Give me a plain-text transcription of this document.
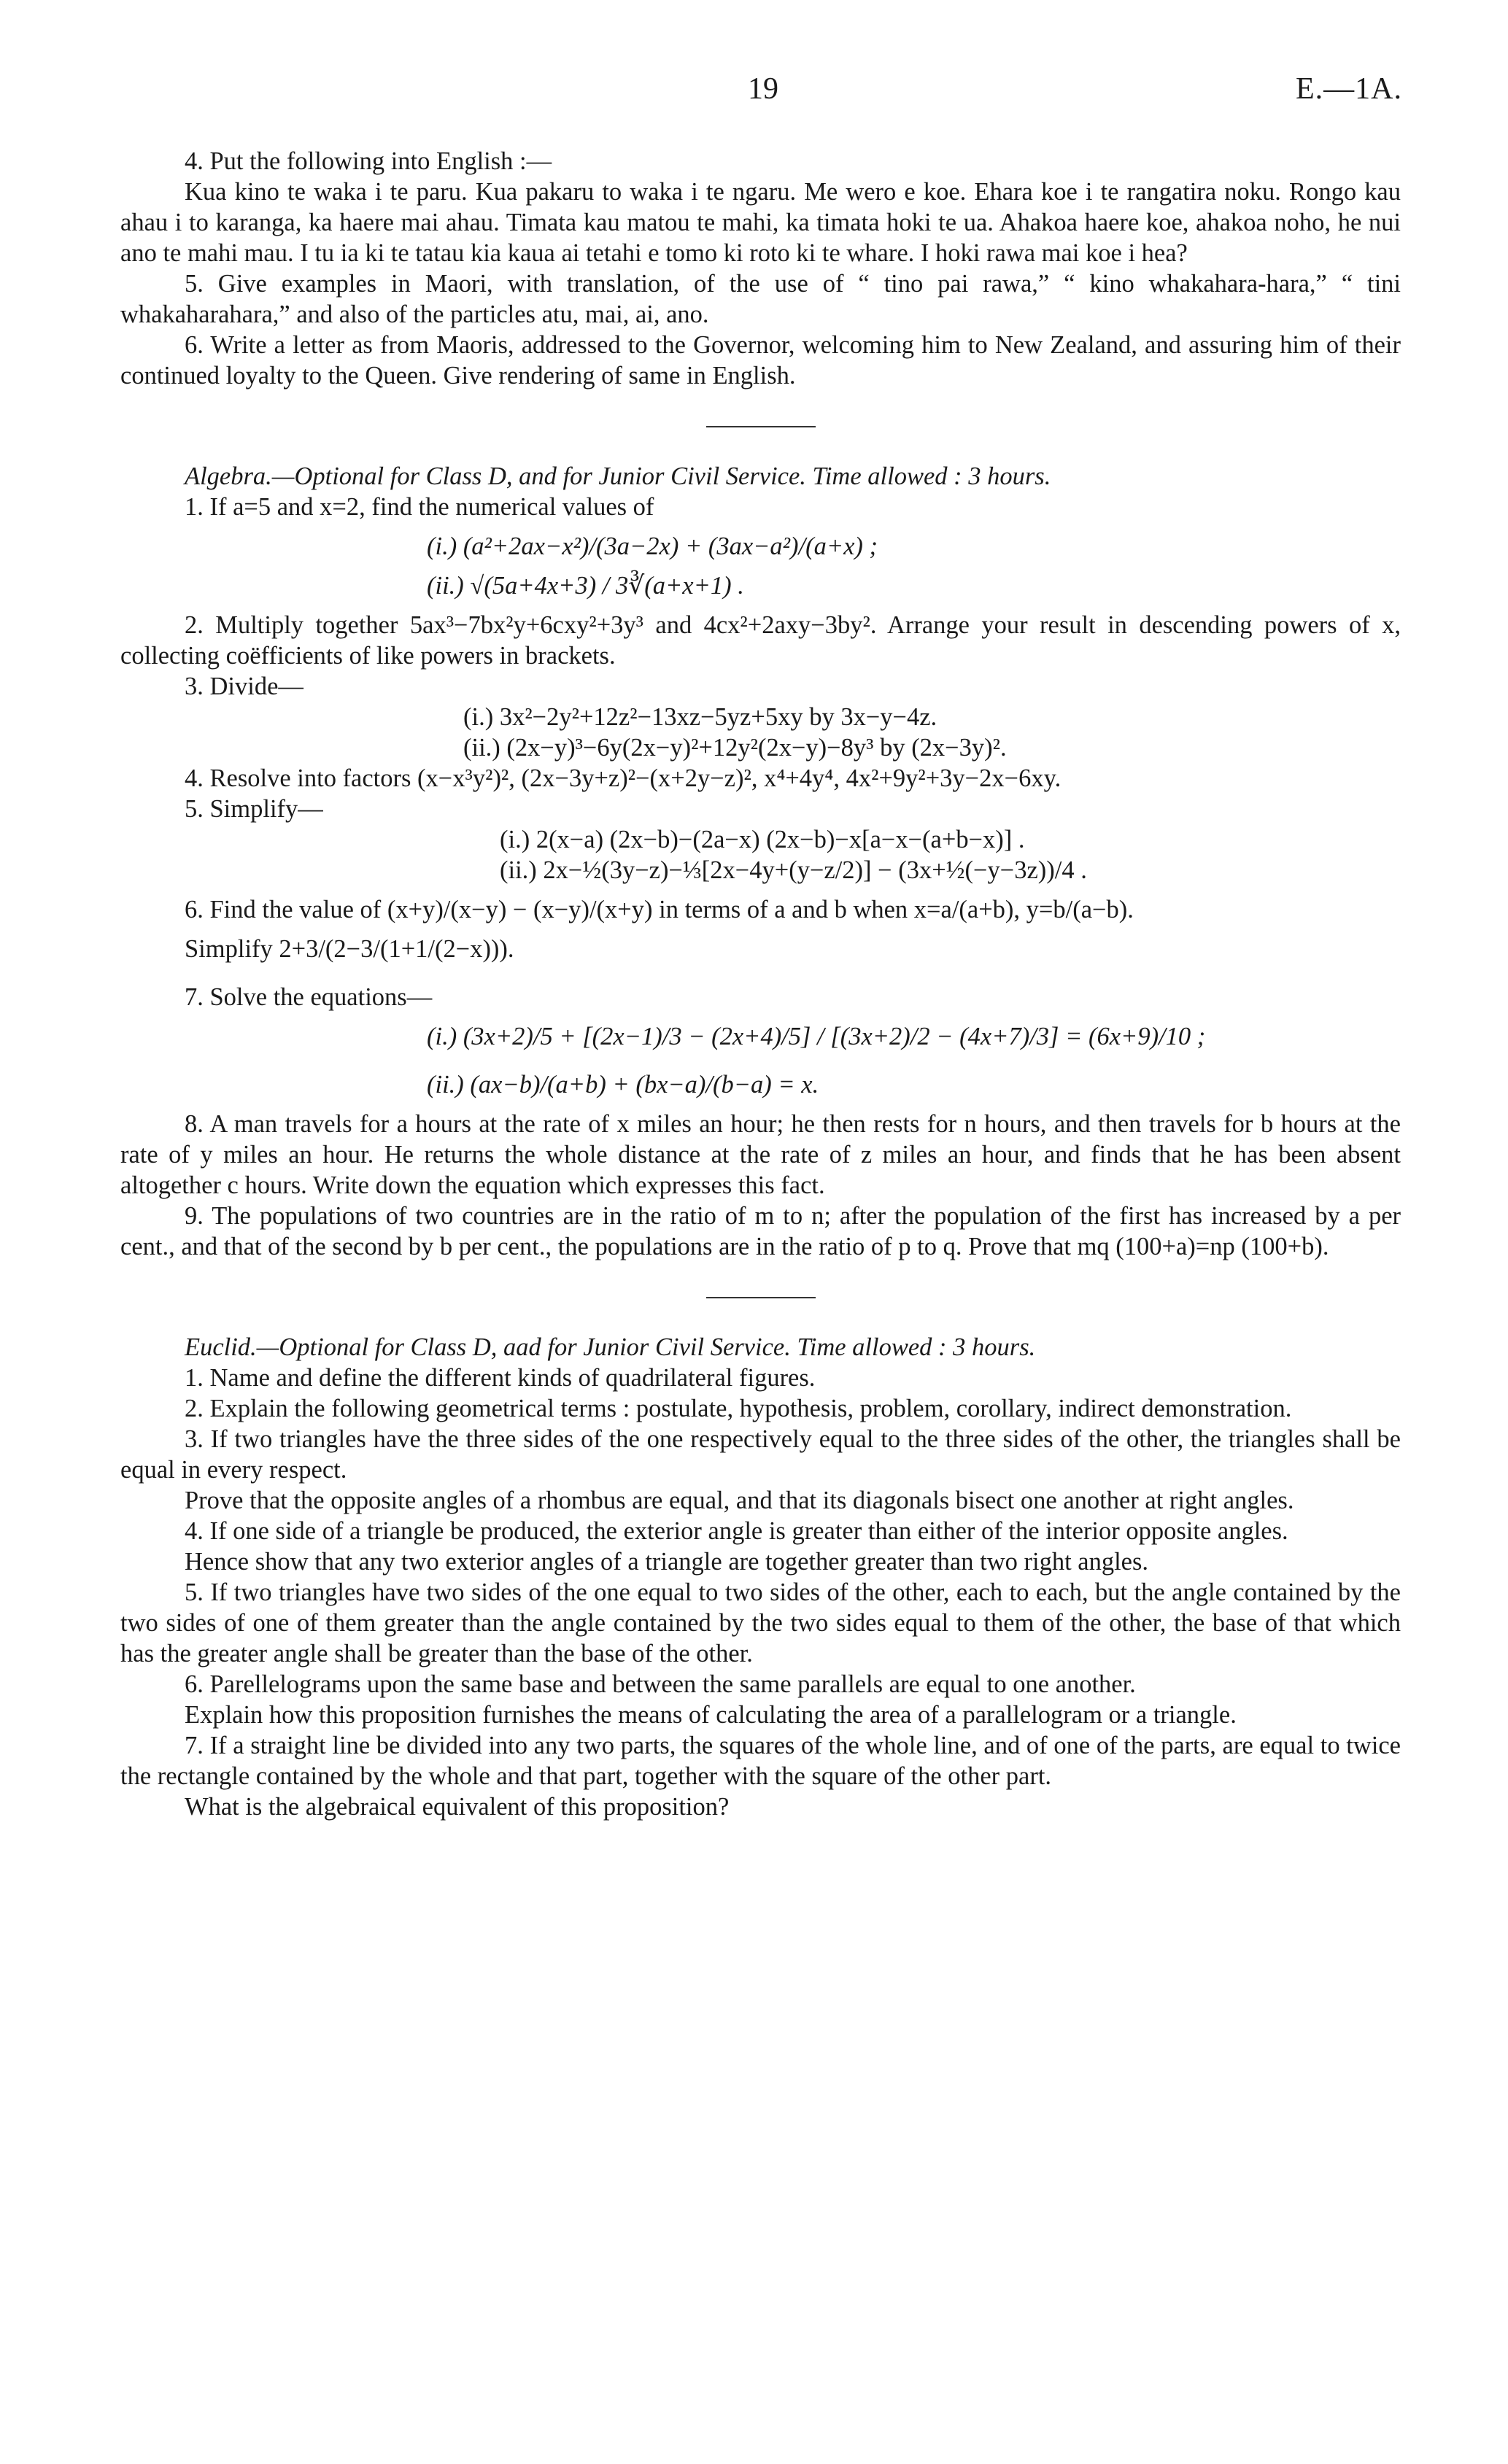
19	E.—1A.

4. Put the following into English :—

Kua kino te waka i te paru. Kua pakaru to waka i te ngaru. Me wero e koe. Ehara koe i te rangatira noku. Rongo kau ahau i to karanga, ka haere mai ahau. Timata kau matou te mahi, ka timata hoki te ua. Ahakoa haere koe, ahakoa noho, he nui ano te mahi mau. I tu ia ki te tatau kia kaua ai tetahi e tomo ki roto ki te whare. I hoki rawa mai koe i hea?

5. Give examples in Maori, with translation, of the use of “ tino pai rawa,” “ kino whakahara-hara,” “ tini whakaharahara,” and also of the particles atu, mai, ai, ano.

6. Write a letter as from Maoris, addressed to the Governor, welcoming him to New Zealand, and assuring him of their continued loyalty to the Queen. Give rendering of same in English.

Algebra.—Optional for Class D, and for Junior Civil Service. Time allowed : 3 hours.

1. If a=5 and x=2, find the numerical values of

(i.) (a²+2ax−x²)/(3a−2x) + (3ax−a²)/(a+x) ;

(ii.) √(5a+4x+3) / 3∛(a+x+1) .

2. Multiply together 5ax³−7bx²y+6cxy²+3y³ and 4cx²+2axy−3by². Arrange your result in descending powers of x, collecting coëfficients of like powers in brackets.

3. Divide—

(i.) 3x²−2y²+12z²−13xz−5yz+5xy by 3x−y−4z.

(ii.) (2x−y)³−6y(2x−y)²+12y²(2x−y)−8y³ by (2x−3y)².

4. Resolve into factors (x−x³y²)², (2x−3y+z)²−(x+2y−z)², x⁴+4y⁴, 4x²+9y²+3y−2x−6xy.

5. Simplify—

(i.) 2(x−a) (2x−b)−(2a−x) (2x−b)−x[a−x−(a+b−x)] .

(ii.) 2x−½(3y−z)−⅓[2x−4y+(y−z/2)] − (3x+½(−y−3z))/4 .

6. Find the value of (x+y)/(x−y) − (x−y)/(x+y) in terms of a and b when x=a/(a+b), y=b/(a−b).

Simplify 2+3/(2−3/(1+1/(2−x))).

7. Solve the equations—

(i.) (3x+2)/5 + [(2x−1)/3 − (2x+4)/5] / [(3x+2)/2 − (4x+7)/3] = (6x+9)/10 ;

(ii.) (ax−b)/(a+b) + (bx−a)/(b−a) = x.

8. A man travels for a hours at the rate of x miles an hour; he then rests for n hours, and then travels for b hours at the rate of y miles an hour. He returns the whole distance at the rate of z miles an hour, and finds that he has been absent altogether c hours. Write down the equation which expresses this fact.

9. The populations of two countries are in the ratio of m to n; after the population of the first has increased by a per cent., and that of the second by b per cent., the populations are in the ratio of p to q. Prove that mq (100+a)=np (100+b).

Euclid.—Optional for Class D, aad for Junior Civil Service. Time allowed : 3 hours.

1. Name and define the different kinds of quadrilateral figures.

2. Explain the following geometrical terms : postulate, hypothesis, problem, corollary, indirect demonstration.

3. If two triangles have the three sides of the one respectively equal to the three sides of the other, the triangles shall be equal in every respect.

Prove that the opposite angles of a rhombus are equal, and that its diagonals bisect one another at right angles.

4. If one side of a triangle be produced, the exterior angle is greater than either of the interior opposite angles.

Hence show that any two exterior angles of a triangle are together greater than two right angles.

5. If two triangles have two sides of the one equal to two sides of the other, each to each, but the angle contained by the two sides of one of them greater than the angle contained by the two sides equal to them of the other, the base of that which has the greater angle shall be greater than the base of the other.

6. Parellelograms upon the same base and between the same parallels are equal to one another.

Explain how this proposition furnishes the means of calculating the area of a parallelogram or a triangle.

7. If a straight line be divided into any two parts, the squares of the whole line, and of one of the parts, are equal to twice the rectangle contained by the whole and that part, together with the square of the other part.

What is the algebraical equivalent of this proposition?
